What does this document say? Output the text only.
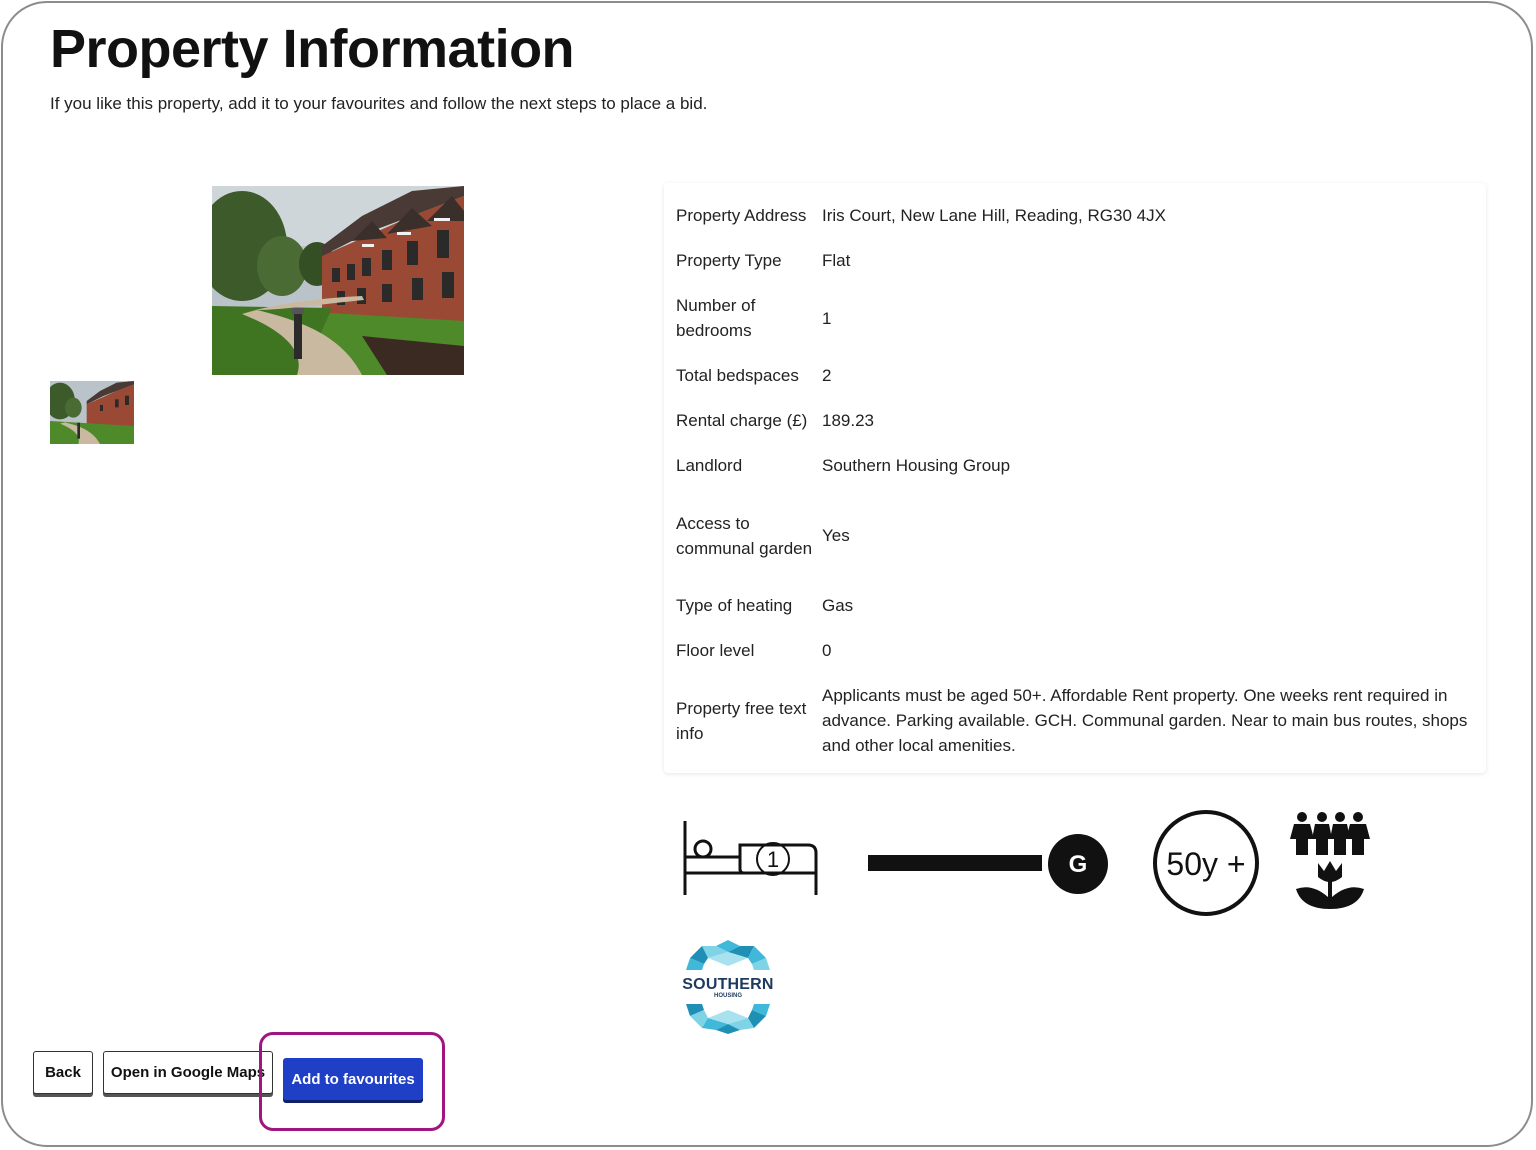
Property Information

If you like this property, add it to your favourites and follow the next steps to place a bid.

Property Address	Iris Court, New Lane Hill, Reading, RG30 4JX
Property Type	Flat
Number of bedrooms	1
Total bedspaces	2
Rental charge (£)	189.23
Landlord	Southern Housing Group
Access to communal garden	Yes
Type of heating	Gas
Floor level	0
Property free text info	Applicants must be aged 50+. Affordable Rent property. One weeks rent required in advance. Parking available. GCH. Communal garden. Near to main bus routes, shops and other local amenities.
1	G 50y +
SOUTHERN
HOUSING
Back	Open in Google Maps	Add to favourites
